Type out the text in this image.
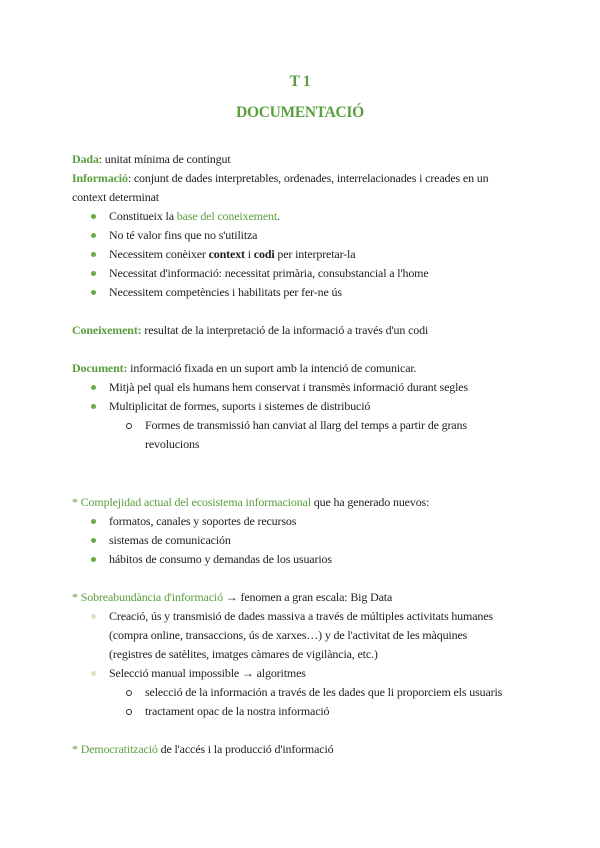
T 1
DOCUMENTACIÓ
Dada: unitat mínima de contingut
Informació: conjunt de dades interpretables, ordenades, interrelacionades i creades en un
context determinat
Constitueix la base del coneixement.
No té valor fins que no s'utilitza
Necessitem conèixer context i codi per interpretar-la
Necessitat d'informació: necessitat primària, consubstancial a l'home
Necessitem competències i habilitats per fer-ne ús
Coneixement: resultat de la interpretació de la informació a través d'un codi
Document: informació fixada en un suport amb la intenció de comunicar.
Mitjà pel qual els humans hem conservat i transmès informació durant segles
Multiplicitat de formes, suports i sistemes de distribució
Formes de transmissió han canviat al llarg del temps a partir de grans
revolucions
* Complejidad actual del ecosistema informacional que ha generado nuevos:
formatos, canales y soportes de recursos
sistemas de comunicación
hábitos de consumo y demandas de los usuarios
* Sobreabundància d'informació → fenomen a gran escala: Big Data
Creació, ús y transmisió de dades massiva a través de múltiples activitats humanes
(compra online, transaccions, ús de xarxes…) y de l'activitat de les màquines
(registres de satèlites, imatges càmares de vigilància, etc.)
Selecció manual impossible → algoritmes
selecció de la información a través de les dades que li proporciem els usuaris
tractament opac de la nostra informació
* Democratització de l'accés i la producció d'informació
